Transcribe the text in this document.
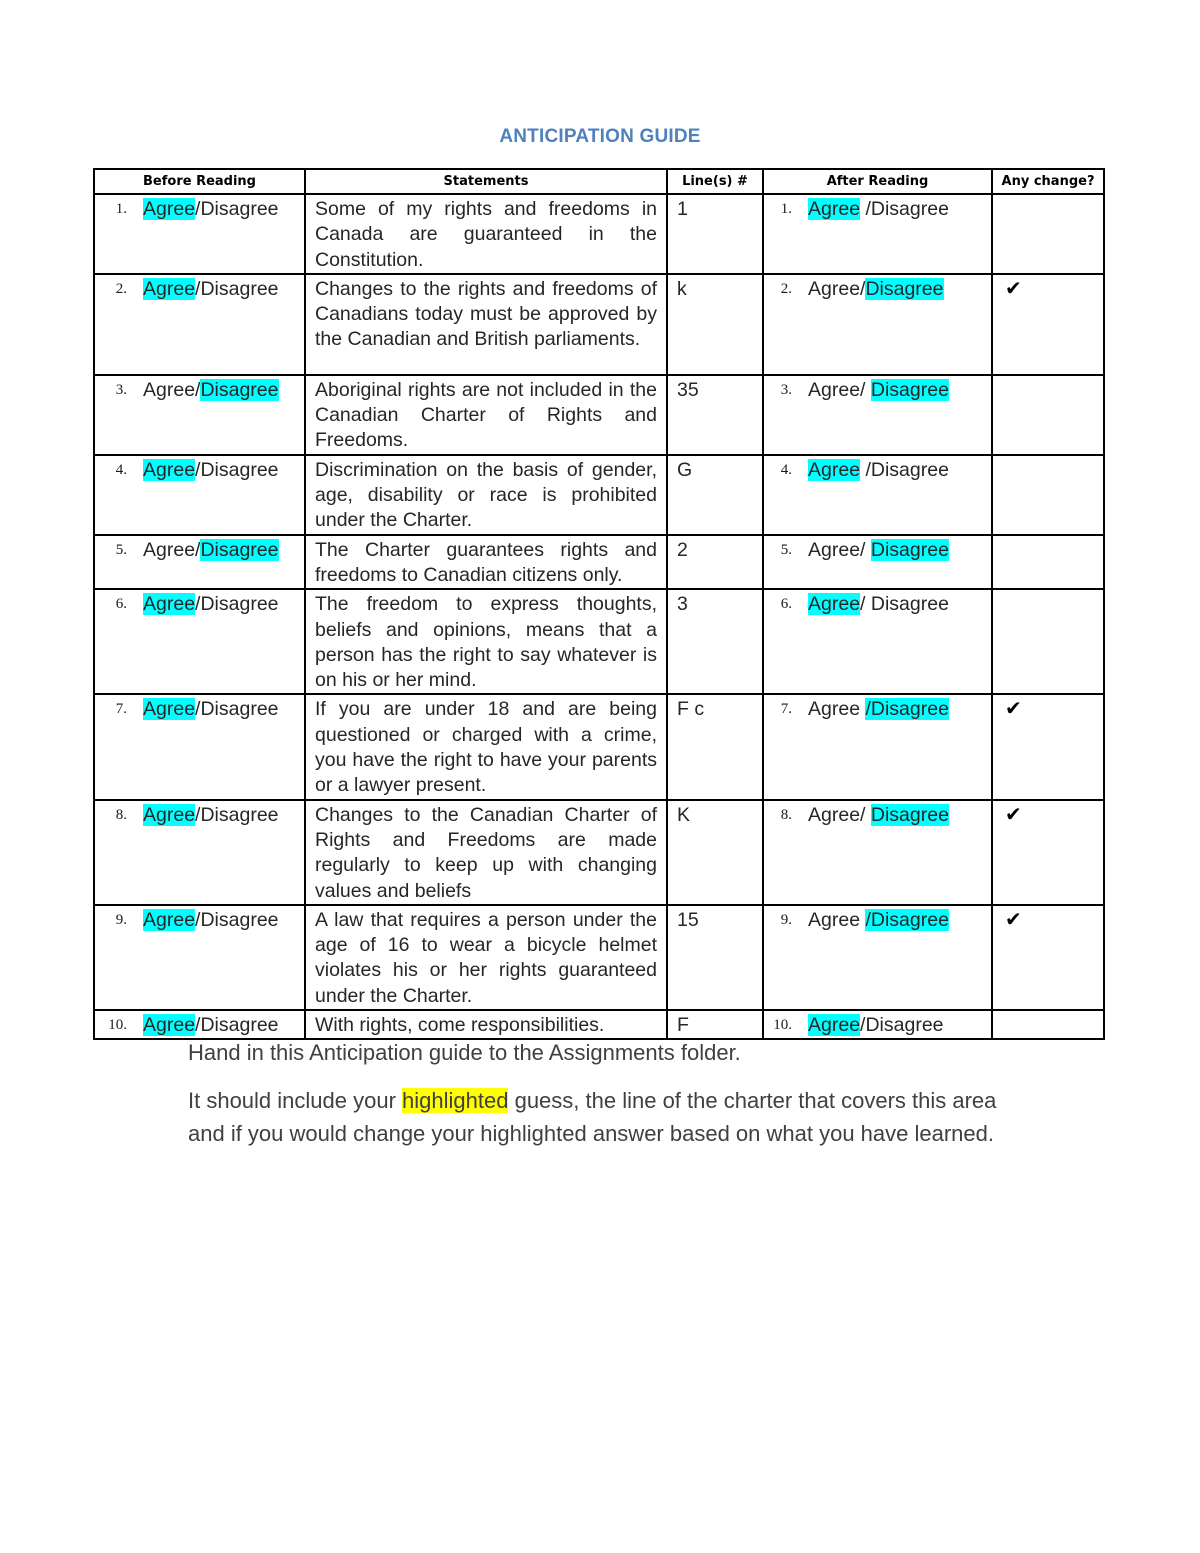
ANTICIPATION GUIDE
Before Reading	Statements	Line(s) #	After Reading	Any change?

1. Agree/Disagree	Some of my rights and freedoms in Canada are guaranteed in the Constitution.	1	1. Agree /Disagree	

2. Agree/Disagree	Changes to the rights and freedoms of Canadians today must be approved by the Canadian and British parliaments.	k	2. Agree/Disagree	✔

3. Agree/Disagree	Aboriginal rights are not included in the Canadian Charter of Rights and Freedoms.	35	3. Agree/ Disagree	

4. Agree/Disagree	Discrimination on the basis of gender, age, disability or race is prohibited under the Charter.	G	4. Agree /Disagree	

5. Agree/Disagree	The Charter guarantees rights and freedoms to Canadian citizens only.	2	5. Agree/ Disagree	

6. Agree/Disagree	The freedom to express thoughts, beliefs and opinions, means that a person has the right to say whatever is on his or her mind.	3	6. Agree/ Disagree	

7. Agree/Disagree	If you are under 18 and are being questioned or charged with a crime, you have the right to have your parents or a lawyer present.	F c	7. Agree /Disagree	✔

8. Agree/Disagree	Changes to the Canadian Charter of Rights and Freedoms are made regularly to keep up with changing values and beliefs	K	8. Agree/ Disagree	✔

9. Agree/Disagree	A law that requires a person under the age of 16 to wear a bicycle helmet violates his or her rights guaranteed under the Charter.	15	9. Agree /Disagree	✔

10. Agree/Disagree	With rights, come responsibilities.	F	10. Agree/Disagree	

Hand in this Anticipation guide to the Assignments folder.

It should include your highlighted guess, the line of the charter that covers this area and if you would change your highlighted answer based on what you have learned.
